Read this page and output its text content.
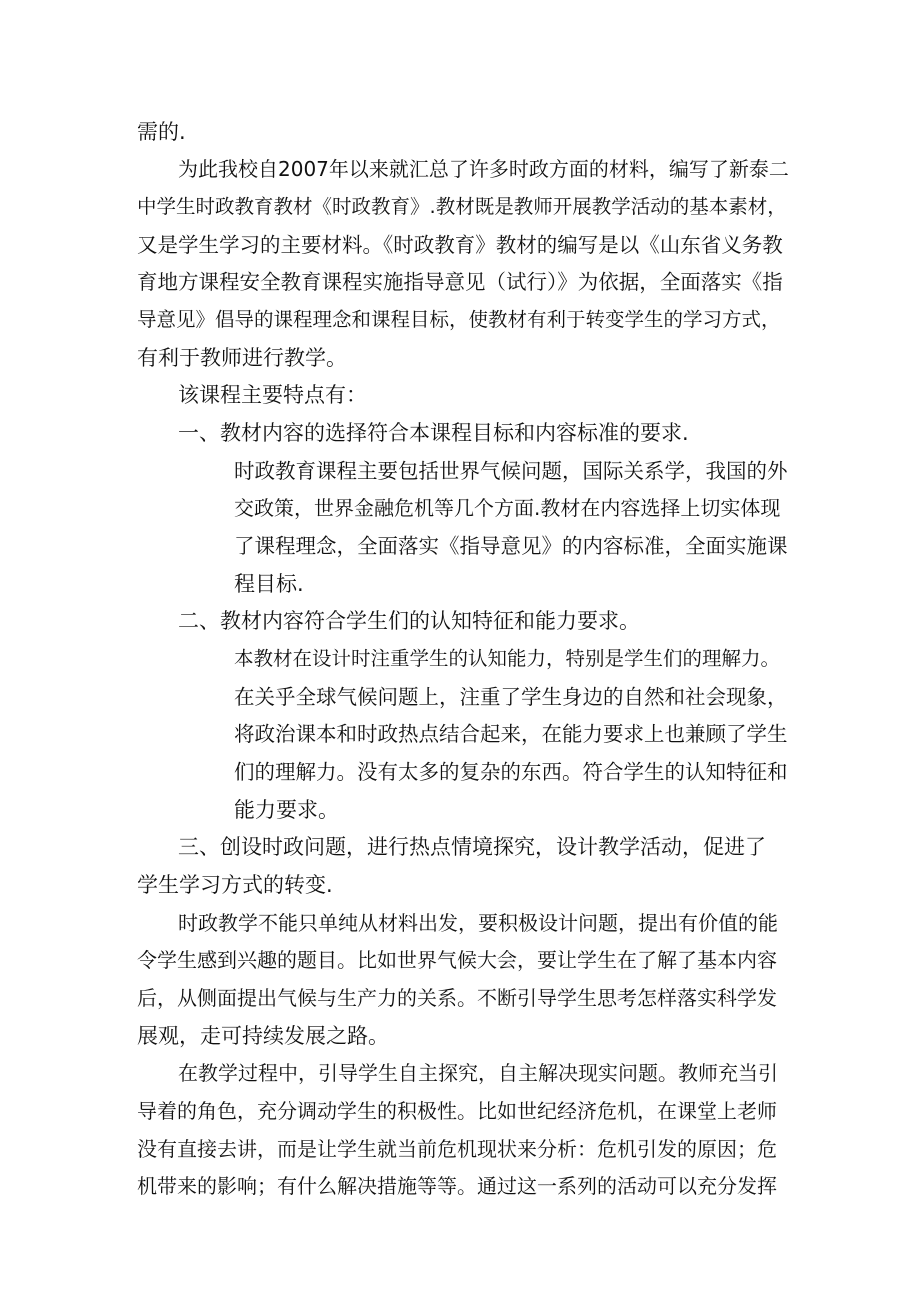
需的.
为此我校自2007年以来就汇总了许多时政方面的材料，编写了新泰二
中学生时政教育教材《时政教育》.教材既是教师开展教学活动的基本素材，
又是学生学习的主要材料。《时政教育》教材的编写是以《山东省义务教
育地方课程安全教育课程实施指导意见（试行）》为依据，全面落实《指
导意见》倡导的课程理念和课程目标，使教材有利于转变学生的学习方式，
有利于教师进行教学。
该课程主要特点有：
一、教材内容的选择符合本课程目标和内容标准的要求.
时政教育课程主要包括世界气候问题，国际关系学，我国的外
交政策，世界金融危机等几个方面.教材在内容选择上切实体现
了课程理念，全面落实《指导意见》的内容标准，全面实施课
程目标.
二、教材内容符合学生们的认知特征和能力要求。
本教材在设计时注重学生的认知能力，特别是学生们的理解力。
在关乎全球气候问题上，注重了学生身边的自然和社会现象，
将政治课本和时政热点结合起来，在能力要求上也兼顾了学生
们的理解力。没有太多的复杂的东西。符合学生的认知特征和
能力要求。
三、创设时政问题，进行热点情境探究，设计教学活动，促进了
学生学习方式的转变.
时政教学不能只单纯从材料出发，要积极设计问题，提出有价值的能
令学生感到兴趣的题目。比如世界气候大会，要让学生在了解了基本内容
后，从侧面提出气候与生产力的关系。不断引导学生思考怎样落实科学发
展观，走可持续发展之路。
在教学过程中，引导学生自主探究，自主解决现实问题。教师充当引
导着的角色，充分调动学生的积极性。比如世纪经济危机，在课堂上老师
没有直接去讲，而是让学生就当前危机现状来分析：危机引发的原因；危
机带来的影响；有什么解决措施等等。通过这一系列的活动可以充分发挥
